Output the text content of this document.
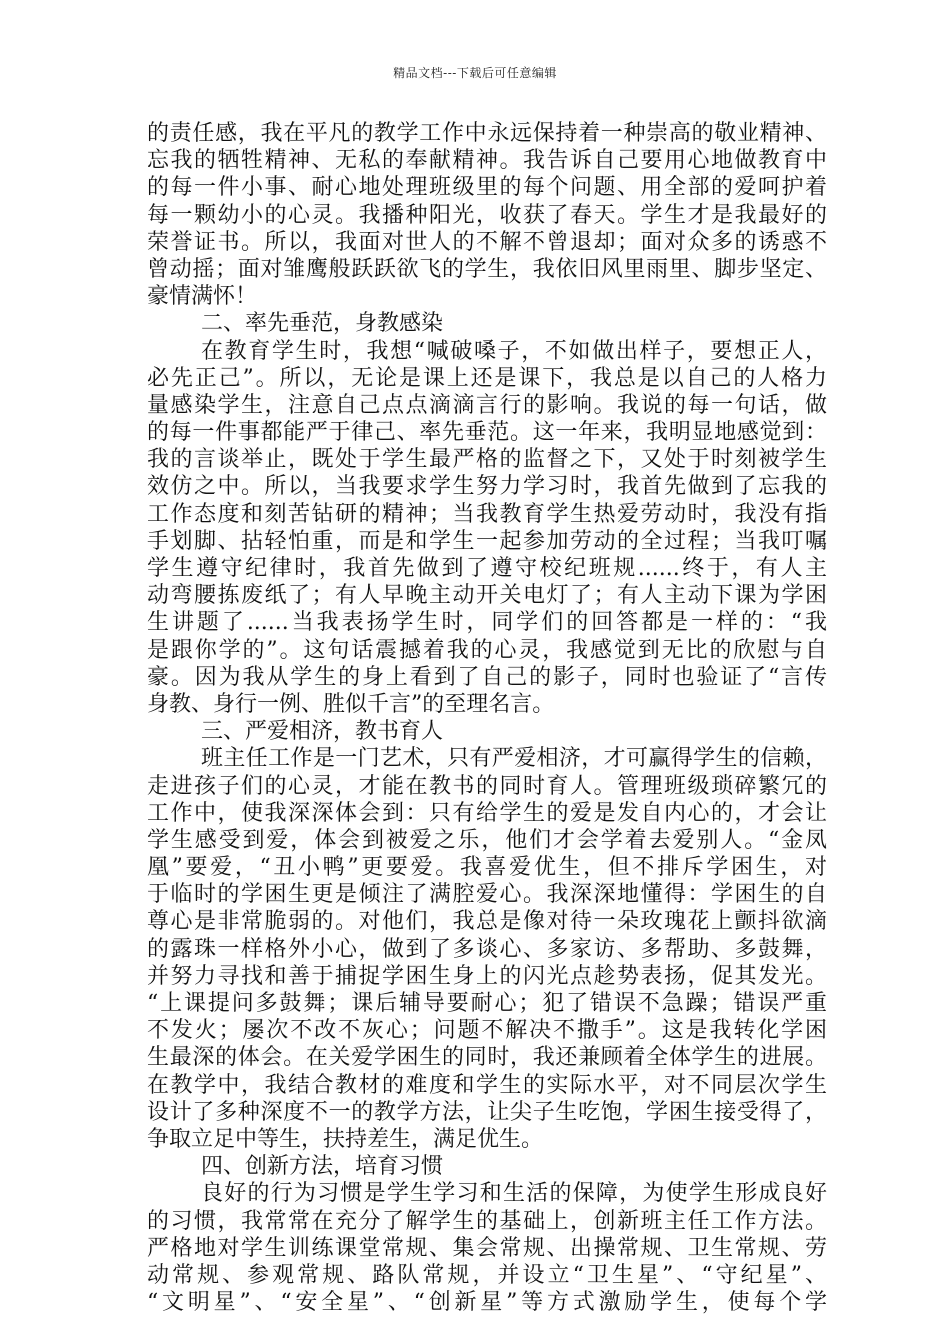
精品文档---下载后可任意编辑
的责任感，我在平凡的教学工作中永远保持着一种崇高的敬业精神、
忘我的牺牲精神、无私的奉献精神。我告诉自己要用心地做教育中
的每一件小事、耐心地处理班级里的每个问题、用全部的爱呵护着
每一颗幼小的心灵。我播种阳光，收获了春天。学生才是我最好的
荣誉证书。所以，我面对世人的不解不曾退却；面对众多的诱惑不
曾动摇；面对雏鹰般跃跃欲飞的学生，我依旧风里雨里、脚步坚定、
豪情满怀！
二、率先垂范，身教感染
在教育学生时，我想“喊破嗓子，不如做出样子，要想正人，
必先正己”。所以，无论是课上还是课下，我总是以自己的人格力
量感染学生，注意自己点点滴滴言行的影响。我说的每一句话，做
的每一件事都能严于律己、率先垂范。这一年来，我明显地感觉到：
我的言谈举止，既处于学生最严格的监督之下，又处于时刻被学生
效仿之中。所以，当我要求学生努力学习时，我首先做到了忘我的
工作态度和刻苦钻研的精神；当我教育学生热爱劳动时，我没有指
手划脚、拈轻怕重，而是和学生一起参加劳动的全过程；当我叮嘱
学生遵守纪律时，我首先做到了遵守校纪班规......终于，有人主
动弯腰拣废纸了；有人早晚主动开关电灯了；有人主动下课为学困
生讲题了......当我表扬学生时，同学们的回答都是一样的：“我
是跟你学的”。这句话震撼着我的心灵，我感觉到无比的欣慰与自
豪。因为我从学生的身上看到了自己的影子，同时也验证了“言传
身教、身行一例、胜似千言”的至理名言。
三、严爱相济，教书育人
班主任工作是一门艺术，只有严爱相济，才可赢得学生的信赖，
走进孩子们的心灵，才能在教书的同时育人。管理班级琐碎繁冗的
工作中，使我深深体会到：只有给学生的爱是发自内心的，才会让
学生感受到爱，体会到被爱之乐，他们才会学着去爱别人。“金凤
凰”要爱，“丑小鸭”更要爱。我喜爱优生，但不排斥学困生，对
于临时的学困生更是倾注了满腔爱心。我深深地懂得：学困生的自
尊心是非常脆弱的。对他们，我总是像对待一朵玫瑰花上颤抖欲滴
的露珠一样格外小心，做到了多谈心、多家访、多帮助、多鼓舞，
并努力寻找和善于捕捉学困生身上的闪光点趁势表扬，促其发光。
“上课提问多鼓舞；课后辅导要耐心；犯了错误不急躁；错误严重
不发火；屡次不改不灰心；问题不解决不撒手”。这是我转化学困
生最深的体会。在关爱学困生的同时，我还兼顾着全体学生的进展。
在教学中，我结合教材的难度和学生的实际水平，对不同层次学生
设计了多种深度不一的教学方法，让尖子生吃饱，学困生接受得了，
争取立足中等生，扶持差生，满足优生。
四、创新方法，培育习惯
良好的行为习惯是学生学习和生活的保障，为使学生形成良好
的习惯，我常常在充分了解学生的基础上，创新班主任工作方法。
严格地对学生训练课堂常规、集会常规、出操常规、卫生常规、劳
动常规、参观常规、路队常规，并设立“卫生星”、“守纪星”、
“文明星”、“安全星”、“创新星”等方式激励学生，使每个学
